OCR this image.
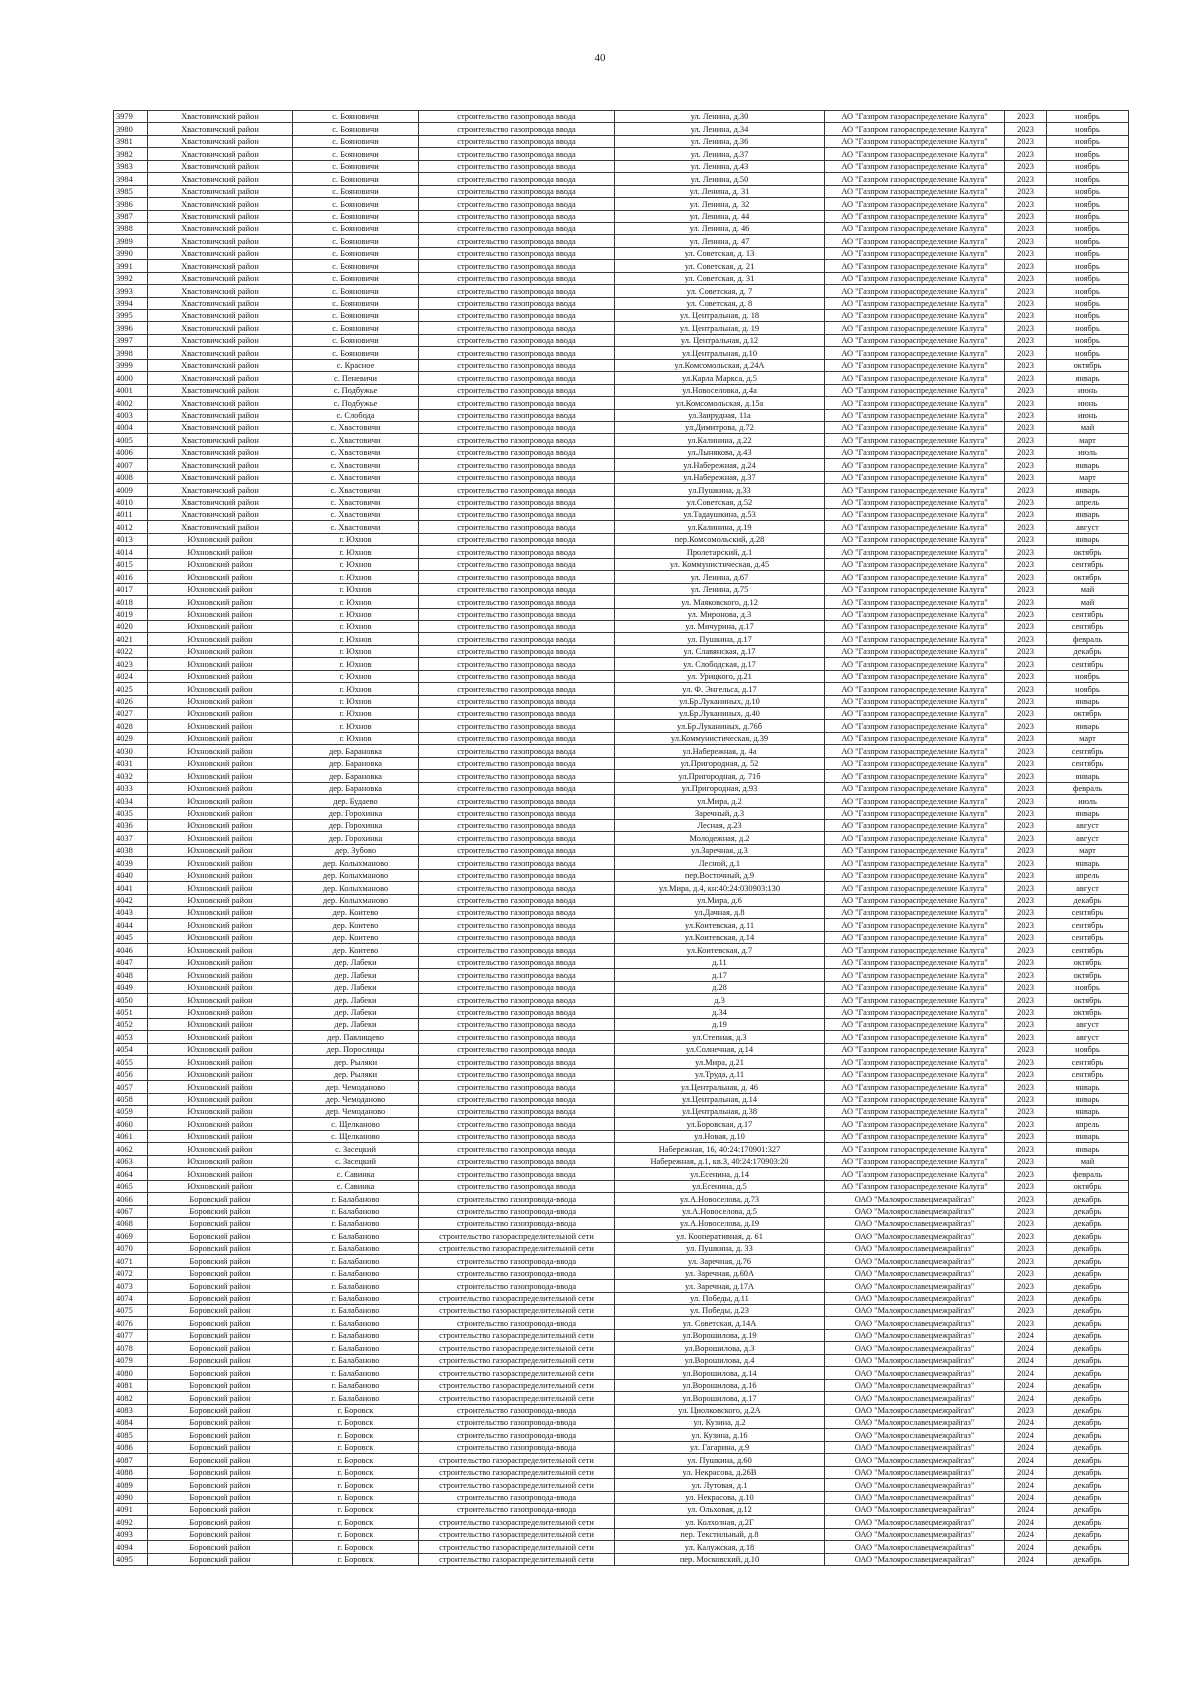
40
3979	Хвастовичский район	с. Бояновичи	строительство газопровода ввода	ул. Ленина, д.30	АО "Газпром газораспределение Калуга"	2023	ноябрь
3980	Хвастовичский район	с. Бояновичи	строительство газопровода ввода	ул. Ленина, д.34	АО "Газпром газораспределение Калуга"	2023	ноябрь
3981	Хвастовичский район	с. Бояновичи	строительство газопровода ввода	ул. Ленина, д.36	АО "Газпром газораспределение Калуга"	2023	ноябрь
3982	Хвастовичский район	с. Бояновичи	строительство газопровода ввода	ул. Ленина, д.37	АО "Газпром газораспределение Калуга"	2023	ноябрь
3983	Хвастовичский район	с. Бояновичи	строительство газопровода ввода	ул. Ленина, д.43	АО "Газпром газораспределение Калуга"	2023	ноябрь
3984	Хвастовичский район	с. Бояновичи	строительство газопровода ввода	ул. Ленина, д.50	АО "Газпром газораспределение Калуга"	2023	ноябрь
3985	Хвастовичский район	с. Бояновичи	строительство газопровода ввода	ул. Ленина, д. 31	АО "Газпром газораспределение Калуга"	2023	ноябрь
3986	Хвастовичский район	с. Бояновичи	строительство газопровода ввода	ул. Ленина, д. 32	АО "Газпром газораспределение Калуга"	2023	ноябрь
3987	Хвастовичский район	с. Бояновичи	строительство газопровода ввода	ул. Ленина, д. 44	АО "Газпром газораспределение Калуга"	2023	ноябрь
3988	Хвастовичский район	с. Бояновичи	строительство газопровода ввода	ул. Ленина, д. 46	АО "Газпром газораспределение Калуга"	2023	ноябрь
3989	Хвастовичский район	с. Бояновичи	строительство газопровода ввода	ул. Ленина, д. 47	АО "Газпром газораспределение Калуга"	2023	ноябрь
3990	Хвастовичский район	с. Бояновичи	строительство газопровода ввода	ул. Советская, д. 13	АО "Газпром газораспределение Калуга"	2023	ноябрь
3991	Хвастовичский район	с. Бояновичи	строительство газопровода ввода	ул. Советская, д. 21	АО "Газпром газораспределение Калуга"	2023	ноябрь
3992	Хвастовичский район	с. Бояновичи	строительство газопровода ввода	ул. Советская, д. 31	АО "Газпром газораспределение Калуга"	2023	ноябрь
3993	Хвастовичский район	с. Бояновичи	строительство газопровода ввода	ул. Советская, д. 7	АО "Газпром газораспределение Калуга"	2023	ноябрь
3994	Хвастовичский район	с. Бояновичи	строительство газопровода ввода	ул. Советская, д. 8	АО "Газпром газораспределение Калуга"	2023	ноябрь
3995	Хвастовичский район	с. Бояновичи	строительство газопровода ввода	ул. Центральная, д. 18	АО "Газпром газораспределение Калуга"	2023	ноябрь
3996	Хвастовичский район	с. Бояновичи	строительство газопровода ввода	ул. Центральная, д. 19	АО "Газпром газораспределение Калуга"	2023	ноябрь
3997	Хвастовичский район	с. Бояновичи	строительство газопровода ввода	ул. Центральная, д.12	АО "Газпром газораспределение Калуга"	2023	ноябрь
3998	Хвастовичский район	с. Бояновичи	строительство газопровода ввода	ул.Центральная, д.10	АО "Газпром газораспределение Калуга"	2023	ноябрь
3999	Хвастовичский район	с. Красное	строительство газопровода ввода	ул.Комсомольская, д.24А	АО "Газпром газораспределение Калуга"	2023	октябрь
4000	Хвастовичский район	с. Пеневичи	строительство газопровода ввода	ул.Карла Маркса, д.5	АО "Газпром газораспределение Калуга"	2023	январь
4001	Хвастовичский район	с. Подбужье	строительство газопровода ввода	ул.Новоселовка, д.4а	АО "Газпром газораспределение Калуга"	2023	июнь
4002	Хвастовичский район	с. Подбужье	строительство газопровода ввода	ул.Комсомольская, д.15а	АО "Газпром газораспределение Калуга"	2023	июнь
4003	Хвастовичский район	с. Слобода	строительство газопровода ввода	ул.Заирудная, 11а	АО "Газпром газораспределение Калуга"	2023	июнь
4004	Хвастовичский район	с. Хвастовичи	строительство газопровода ввода	ул.Димитрова, д.72	АО "Газпром газораспределение Калуга"	2023	май
4005	Хвастовичский район	с. Хвастовичи	строительство газопровода ввода	ул.Калинина, д.22	АО "Газпром газораспределение Калуга"	2023	март
4006	Хвастовичский район	с. Хвастовичи	строительство газопровода ввода	ул.Лынякова, д.43	АО "Газпром газораспределение Калуга"	2023	июль
4007	Хвастовичский район	с. Хвастовичи	строительство газопровода ввода	ул.Набережная, д.24	АО "Газпром газораспределение Калуга"	2023	январь
4008	Хвастовичский район	с. Хвастовичи	строительство газопровода ввода	ул.Набережная, д.37	АО "Газпром газораспределение Калуга"	2023	март
4009	Хвастовичский район	с. Хвастовичи	строительство газопровода ввода	ул.Пушкина, д.33	АО "Газпром газораспределение Калуга"	2023	январь
4010	Хвастовичский район	с. Хвастовичи	строительство газопровода ввода	ул.Советская, д.52	АО "Газпром газораспределение Калуга"	2023	апрель
4011	Хвастовичский район	с. Хвастовичи	строительство газопровода ввода	ул.Тадаушкина, д.53	АО "Газпром газораспределение Калуга"	2023	январь
4012	Хвастовичский район	с. Хвастовичи	строительство газопровода ввода	ул.Калинина, д.19	АО "Газпром газораспределение Калуга"	2023	август
4013	Юхновский район	г. Юхнов	строительство газопровода ввода	пер.Комсомольский, д.28	АО "Газпром газораспределение Калуга"	2023	январь
4014	Юхновский район	г. Юхнов	строительство газопровода ввода	Пролетарский, д.1	АО "Газпром газораспределение Калуга"	2023	октябрь
4015	Юхновский район	г. Юхнов	строительство газопровода ввода	ул. Коммунистическая, д.45	АО "Газпром газораспределение Калуга"	2023	сентябрь
4016	Юхновский район	г. Юхнов	строительство газопровода ввода	ул. Ленина, д.67	АО "Газпром газораспределение Калуга"	2023	октябрь
4017	Юхновский район	г. Юхнов	строительство газопровода ввода	ул. Ленина, д.75	АО "Газпром газораспределение Калуга"	2023	май
4018	Юхновский район	г. Юхнов	строительство газопровода ввода	ул. Маяковского, д.12	АО "Газпром газораспределение Калуга"	2023	май
4019	Юхновский район	г. Юхнов	строительство газопровода ввода	ул. Миронова, д.3	АО "Газпром газораспределение Калуга"	2023	сентябрь
4020	Юхновский район	г. Юхнов	строительство газопровода ввода	ул. Мичурина, д.17	АО "Газпром газораспределение Калуга"	2023	сентябрь
4021	Юхновский район	г. Юхнов	строительство газопровода ввода	ул. Пушкина, д.17	АО "Газпром газораспределение Калуга"	2023	февраль
4022	Юхновский район	г. Юхнов	строительство газопровода ввода	ул. Славянская, д.17	АО "Газпром газораспределение Калуга"	2023	декабрь
4023	Юхновский район	г. Юхнов	строительство газопровода ввода	ул. Слободская, д.17	АО "Газпром газораспределение Калуга"	2023	сентябрь
4024	Юхновский район	г. Юхнов	строительство газопровода ввода	ул. Урицкого, д.21	АО "Газпром газораспределение Калуга"	2023	ноябрь
4025	Юхновский район	г. Юхнов	строительство газопровода ввода	ул. Ф. Энгельса, д.17	АО "Газпром газораспределение Калуга"	2023	ноябрь
4026	Юхновский район	г. Юхнов	строительство газопровода ввода	ул.Бр.Луканиных, д.10	АО "Газпром газораспределение Калуга"	2023	январь
4027	Юхновский район	г. Юхнов	строительство газопровода ввода	ул.Бр.Луканиных, д.40	АО "Газпром газораспределение Калуга"	2023	октябрь
4028	Юхновский район	г. Юхнов	строительство газопровода ввода	ул.Бр.Луканиных, д.76б	АО "Газпром газораспределение Калуга"	2023	январь
4029	Юхновский район	г. Юхнов	строительство газопровода ввода	ул.Коммунистическая, д.39	АО "Газпром газораспределение Калуга"	2023	март
4030	Юхновский район	дер. Барановка	строительство газопровода ввода	ул.Набережная, д. 4а	АО "Газпром газораспределение Калуга"	2023	сентябрь
4031	Юхновский район	дер. Барановка	строительство газопровода ввода	ул.Пригородная, д. 52	АО "Газпром газораспределение Калуга"	2023	сентябрь
4032	Юхновский район	дер. Барановка	строительство газопровода ввода	ул.Пригородная, д. 71б	АО "Газпром газораспределение Калуга"	2023	январь
4033	Юхновский район	дер. Барановка	строительство газопровода ввода	ул.Пригородная, д.93	АО "Газпром газораспределение Калуга"	2023	февраль
4034	Юхновский район	дер. Будаево	строительство газопровода ввода	ул.Мира, д.2	АО "Газпром газораспределение Калуга"	2023	июль
4035	Юхновский район	дер. Горохинка	строительство газопровода ввода	Заречный, д.3	АО "Газпром газораспределение Калуга"	2023	январь
4036	Юхновский район	дер. Горохинка	строительство газопровода ввода	Лесная, д.23	АО "Газпром газораспределение Калуга"	2023	август
4037	Юхновский район	дер. Горохинка	строительство газопровода ввода	Молодежная, д.2	АО "Газпром газораспределение Калуга"	2023	август
4038	Юхновский район	дер. Зубово	строительство газопровода ввода	ул.Заречная, д.3	АО "Газпром газораспределение Калуга"	2023	март
4039	Юхновский район	дер. Колыхманово	строительство газопровода ввода	Лесной, д.1	АО "Газпром газораспределение Калуга"	2023	январь
4040	Юхновский район	дер. Колыхманово	строительство газопровода ввода	пер.Восточный, д.9	АО "Газпром газораспределение Калуга"	2023	апрель
4041	Юхновский район	дер. Колыхманово	строительство газопровода ввода	ул.Мира, д.4, кн:40:24:030903:130	АО "Газпром газораспределение Калуга"	2023	август
4042	Юхновский район	дер. Колыхманово	строительство газопровода ввода	ул.Мира, д.6	АО "Газпром газораспределение Калуга"	2023	декабрь
4043	Юхновский район	дер. Коитево	строительство газопровода ввода	ул.Дачная, д.8	АО "Газпром газораспределение Калуга"	2023	сентябрь
4044	Юхновский район	дер. Коитево	строительство газопровода ввода	ул.Коитевская, д.11	АО "Газпром газораспределение Калуга"	2023	сентябрь
4045	Юхновский район	дер. Коитево	строительство газопровода ввода	ул.Коитевская, д.14	АО "Газпром газораспределение Калуга"	2023	сентябрь
4046	Юхновский район	дер. Коитево	строительство газопровода ввода	ул.Коитевская, д.7	АО "Газпром газораспределение Калуга"	2023	сентябрь
4047	Юхновский район	дер. Лабеки	строительство газопровода ввода	д.11	АО "Газпром газораспределение Калуга"	2023	октябрь
4048	Юхновский район	дер. Лабеки	строительство газопровода ввода	д.17	АО "Газпром газораспределение Калуга"	2023	октябрь
4049	Юхновский район	дер. Лабеки	строительство газопровода ввода	д.28	АО "Газпром газораспределение Калуга"	2023	ноябрь
4050	Юхновский район	дер. Лабеки	строительство газопровода ввода	д.3	АО "Газпром газораспределение Калуга"	2023	октябрь
4051	Юхновский район	дер. Лабеки	строительство газопровода ввода	д.34	АО "Газпром газораспределение Калуга"	2023	октябрь
4052	Юхновский район	дер. Лабеки	строительство газопровода ввода	д.19	АО "Газпром газораспределение Калуга"	2023	август
4053	Юхновский район	дер. Павлищево	строительство газопровода ввода	ул.Степная, д.3	АО "Газпром газораспределение Калуга"	2023	август
4054	Юхновский район	дер. Порослицы	строительство газопровода ввода	ул.Солнечная, д.14	АО "Газпром газораспределение Калуга"	2023	ноябрь
4055	Юхновский район	дер. Рыляки	строительство газопровода ввода	ул.Мира, д.21	АО "Газпром газораспределение Калуга"	2023	сентябрь
4056	Юхновский район	дер. Рыляки	строительство газопровода ввода	ул.Труда, д.11	АО "Газпром газораспределение Калуга"	2023	сентябрь
4057	Юхновский район	дер. Чемоданово	строительство газопровода ввода	ул.Центральная, д. 46	АО "Газпром газораспределение Калуга"	2023	январь
4058	Юхновский район	дер. Чемоданово	строительство газопровода ввода	ул.Центральная, д.14	АО "Газпром газораспределение Калуга"	2023	январь
4059	Юхновский район	дер. Чемоданово	строительство газопровода ввода	ул.Центральная, д.38	АО "Газпром газораспределение Калуга"	2023	январь
4060	Юхновский район	с. Щелканово	строительство газопровода ввода	ул.Боровская, д.17	АО "Газпром газораспределение Калуга"	2023	апрель
4061	Юхновский район	с. Щелканово	строительство газопровода ввода	ул.Новая, д.10	АО "Газпром газораспределение Калуга"	2023	январь
4062	Юхновский район	с. Засецкий	строительство газопровода ввода	Набережная, 16, 40:24:170901:327	АО "Газпром газораспределение Калуга"	2023	январь
4063	Юхновский район	с. Засецкий	строительство газопровода ввода	Набережная, д.1, кв.3, 40:24:170903:20	АО "Газпром газораспределение Калуга"	2023	май
4064	Юхновский район	с. Савинка	строительство газопровода ввода	ул.Есенина, д.14	АО "Газпром газораспределение Калуга"	2023	февраль
4065	Юхновский район	с. Савинка	строительство газопровода ввода	ул.Есенина, д.5	АО "Газпром газораспределение Калуга"	2023	октябрь
4066	Боровский район	г. Балабаново	строительство газопровода-ввода	ул.А.Новоселова, д.73	ОАО "Малоярославецмежрайгаз"	2023	декабрь
4067	Боровский район	г. Балабаново	строительство газопровода-ввода	ул.А.Новоселова, д.5	ОАО "Малоярославецмежрайгаз"	2023	декабрь
4068	Боровский район	г. Балабаново	строительство газопровода-ввода	ул.А.Новоселова, д.19	ОАО "Малоярославецмежрайгаз"	2023	декабрь
4069	Боровский район	г. Балабаново	строительство газораспределительной сети	ул. Кооперативная, д. 61	ОАО "Малоярославецмежрайгаз"	2023	декабрь
4070	Боровский район	г. Балабаново	строительство газораспределительной сети	ул. Пушкина, д. 33	ОАО "Малоярославецмежрайгаз"	2023	декабрь
4071	Боровский район	г. Балабаново	строительство газопровода-ввода	ул. Заречная, д.76	ОАО "Малоярославецмежрайгаз"	2023	декабрь
4072	Боровский район	г. Балабаново	строительство газопровода-ввода	ул. Заречная, д.60А	ОАО "Малоярославецмежрайгаз"	2023	декабрь
4073	Боровский район	г. Балабаново	строительство газопровода-ввода	ул. Заречная, д.17А	ОАО "Малоярославецмежрайгаз"	2023	декабрь
4074	Боровский район	г. Балабаново	строительство газораспределительной сети	ул. Победы, д.11	ОАО "Малоярославецмежрайгаз"	2023	декабрь
4075	Боровский район	г. Балабаново	строительство газораспределительной сети	ул. Победы, д.23	ОАО "Малоярославецмежрайгаз"	2023	декабрь
4076	Боровский район	г. Балабаново	строительство газопровода-ввода	ул. Советская, д.14А	ОАО "Малоярославецмежрайгаз"	2023	декабрь
4077	Боровский район	г. Балабаново	строительство газораспределительной сети	ул.Ворошилова, д.19	ОАО "Малоярославецмежрайгаз"	2024	декабрь
4078	Боровский район	г. Балабаново	строительство газораспределительной сети	ул.Ворошилова, д.3	ОАО "Малоярославецмежрайгаз"	2024	декабрь
4079	Боровский район	г. Балабаново	строительство газораспределительной сети	ул.Ворошилова, д.4	ОАО "Малоярославецмежрайгаз"	2024	декабрь
4080	Боровский район	г. Балабаново	строительство газораспределительной сети	ул.Ворошилова, д.14	ОАО "Малоярославецмежрайгаз"	2024	декабрь
4081	Боровский район	г. Балабаново	строительство газораспределительной сети	ул.Ворошилова, д.16	ОАО "Малоярославецмежрайгаз"	2024	декабрь
4082	Боровский район	г. Балабаново	строительство газораспределительной сети	ул.Ворошилова, д.17	ОАО "Малоярославецмежрайгаз"	2024	декабрь
4083	Боровский район	г. Боровск	строительство газопровода-ввода	ул. Циолковского, д.2А	ОАО "Малоярославецмежрайгаз"	2023	декабрь
4084	Боровский район	г. Боровск	строительство газопровода-ввода	ул. Кузина, д.2	ОАО "Малоярославецмежрайгаз"	2024	декабрь
4085	Боровский район	г. Боровск	строительство газопровода-ввода	ул. Кузина, д.16	ОАО "Малоярославецмежрайгаз"	2024	декабрь
4086	Боровский район	г. Боровск	строительство газопровода-ввода	ул. Гагарина, д.9	ОАО "Малоярославецмежрайгаз"	2024	декабрь
4087	Боровский район	г. Боровск	строительство газораспределительной сети	ул. Пушкина, д.60	ОАО "Малоярославецмежрайгаз"	2024	декабрь
4088	Боровский район	г. Боровск	строительство газораспределительной сети	ул. Некрасова, д.26В	ОАО "Малоярославецмежрайгаз"	2024	декабрь
4089	Боровский район	г. Боровск	строительство газораспределительной сети	ул. Лутовая, д.1	ОАО "Малоярославецмежрайгаз"	2024	декабрь
4090	Боровский район	г. Боровск	строительство газопровода-ввода	ул. Некрасова, д.10	ОАО "Малоярославецмежрайгаз"	2024	декабрь
4091	Боровский район	г. Боровск	строительство газопровода-ввода	ул. Ольховая, д.12	ОАО "Малоярославецмежрайгаз"	2024	декабрь
4092	Боровский район	г. Боровск	строительство газораспределительной сети	ул. Колхозная, д.2Г	ОАО "Малоярославецмежрайгаз"	2024	декабрь
4093	Боровский район	г. Боровск	строительство газораспределительной сети	пер. Текстильный, д.8	ОАО "Малоярославецмежрайгаз"	2024	декабрь
4094	Боровский район	г. Боровск	строительство газораспределительной сети	ул. Калужская, д.18	ОАО "Малоярославецмежрайгаз"	2024	декабрь
4095	Боровский район	г. Боровск	строительство газораспределительной сети	пер. Московский, д.10	ОАО "Малоярославецмежрайгаз"	2024	декабрь
